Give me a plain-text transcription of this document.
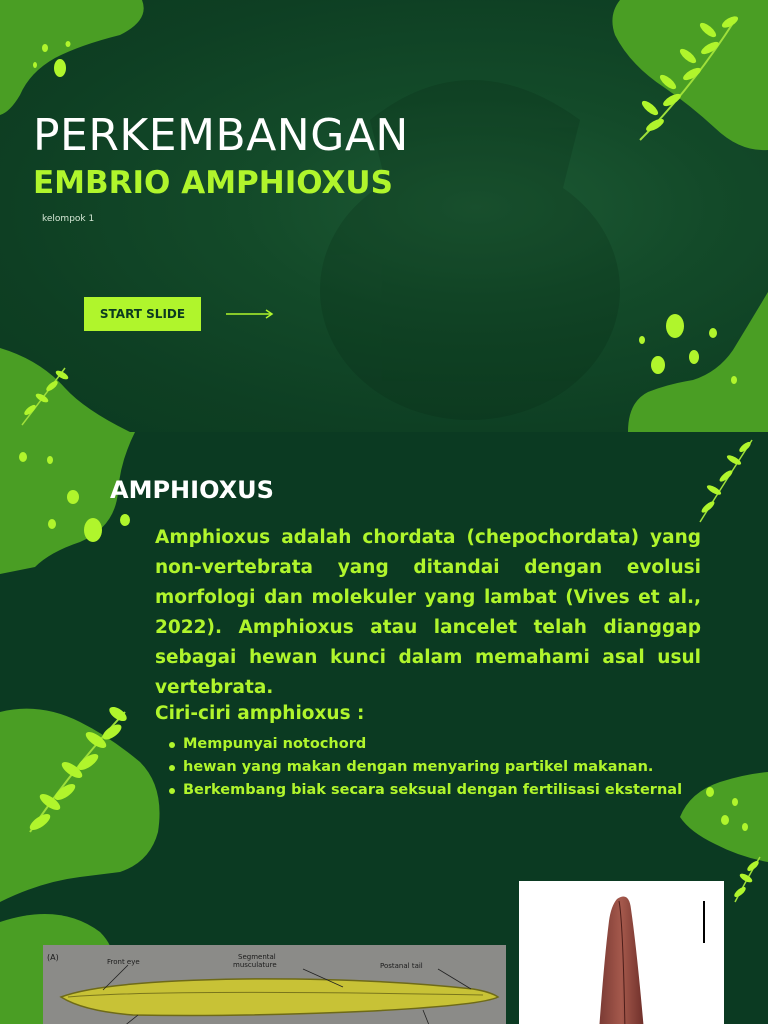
PERKEMBANGAN
EMBRIO AMPHIOXUS
kelompok 1
START SLIDE
AMPHIOXUS

Amphioxus adalah chordata (chepochordata) yang non-vertebrata yang ditandai dengan evolusi morfologi dan molekuler yang lambat (Vives et al., 2022). Amphioxus atau lancelet telah dianggap sebagai hewan kunci dalam memahami asal usul vertebrata.

Ciri-ciri amphioxus :
Mempunyai notochord
hewan yang makan dengan menyaring partikel makanan.
Berkembang biak secara seksual dengan fertilisasi eksternal
(A)	Front eye
Segmental
musculature	Postanal tail
